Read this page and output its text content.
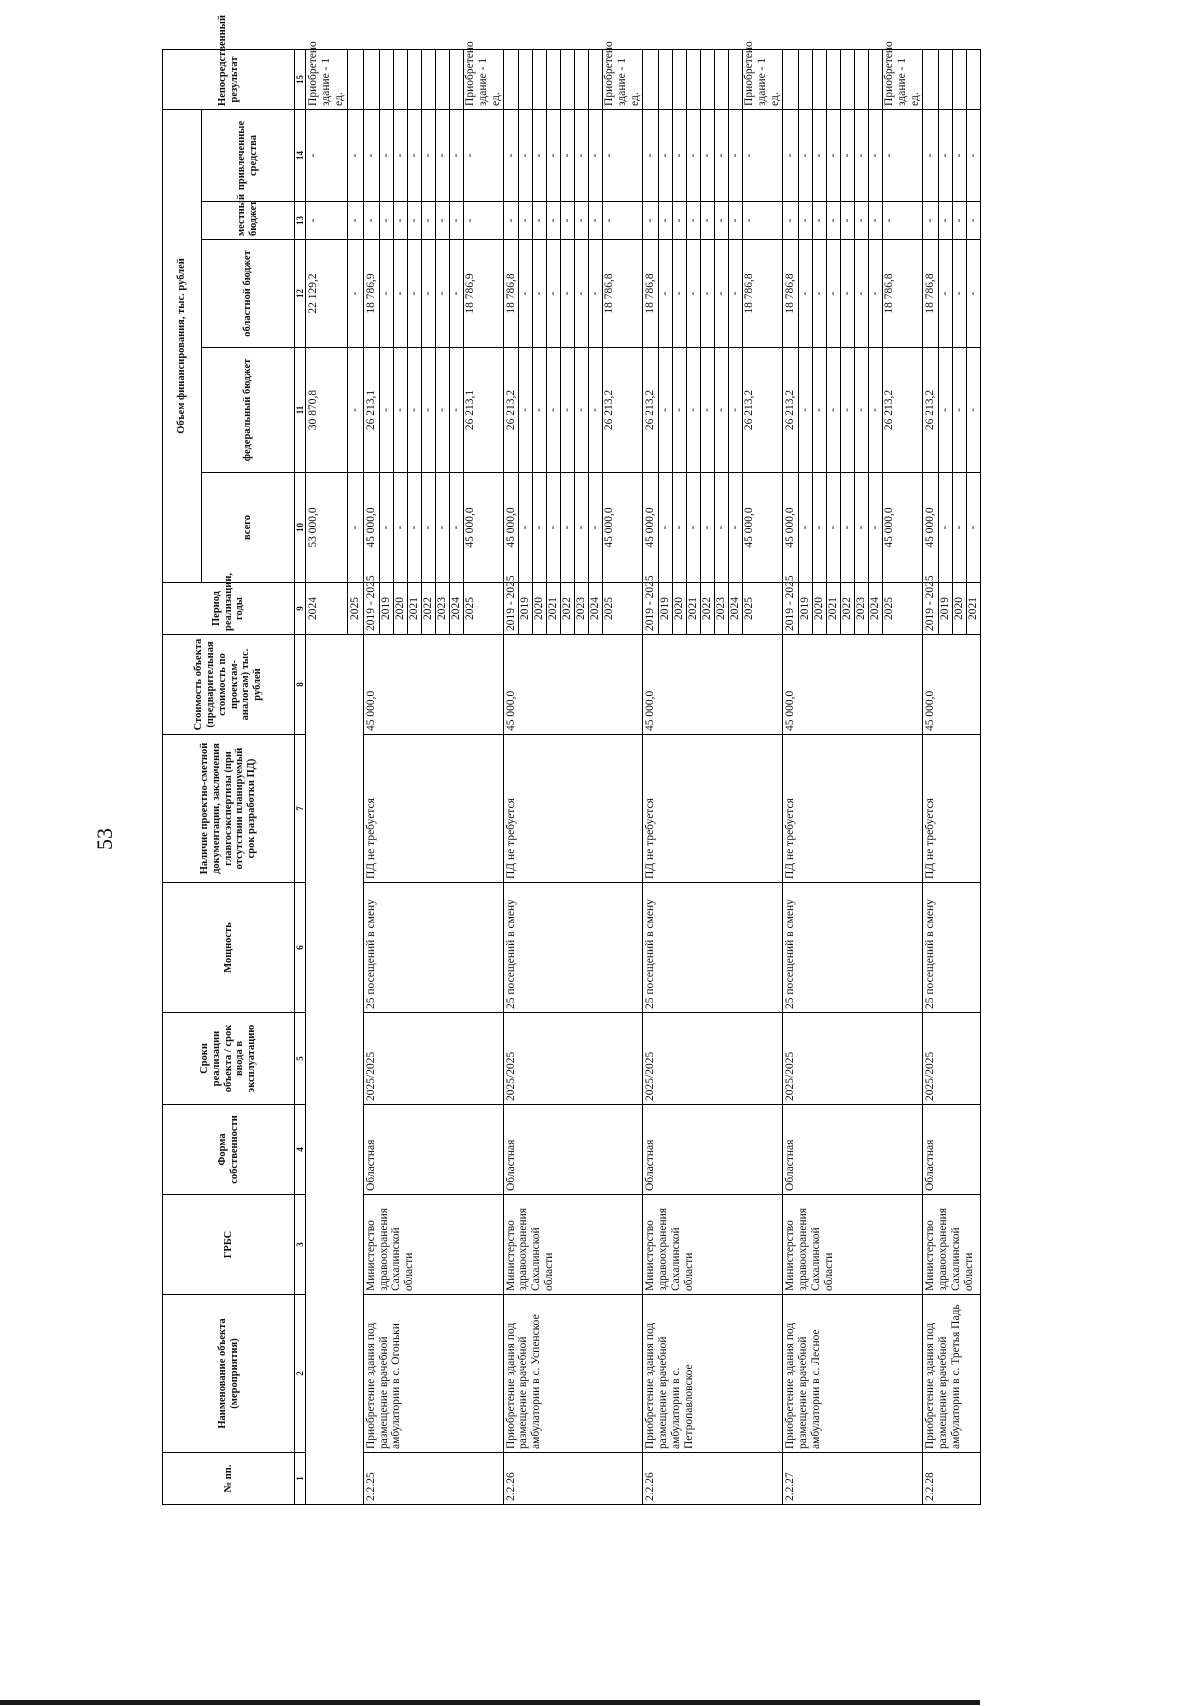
53
№ пп.	Наименование объекта (мероприятия)	ГРБС	Форма собственности	Сроки реализации объекта / срок ввода в эксплуатацию	Мощность	Наличие проектно-сметной документации, заключения главгосэкспертизы (при отсутствии планируемый срок разработки ПД)	Стоимость объекта (предварительная стоимость по проектам-аналогам) тыс. рублей	Период реализации, годы	Объем финансирования, тыс. рублей					Непосредственный результат
									всего	федеральный бюджет	областной бюджет	местный бюджет	привлеченные средства	
1	2	3	4	5	6	7	8	9	10	11	12	13	14	15
								2024	53 000,0	30 870,8	22 129,2	-	-	Приобретено здание - 1 ед.
								2025	-	-	-	-	-	
2.2.25	Приобретение здания под размещение врачебной амбулатории в с. Огоньки	Министерство здравоохранения Сахалинской области	Областная	2025/2025	25 посещений в смену	ПД не требуется	45 000,0	2019 - 2025	45 000,0	26 213,1	18 786,9	-	-	
								2019	-	-	-	-	-	
								2020	-	-	-	-	-	
								2021	-	-	-	-	-	
								2022	-	-	-	-	-	
								2023	-	-	-	-	-	
								2024	-	-	-	-	-	
								2025	45 000,0	26 213,1	18 786,9	-	-	Приобретено здание - 1 ед.
2.2.26	Приобретение здания под размещение врачебной амбулатории в с. Успенское	Министерство здравоохранения Сахалинской области	Областная	2025/2025	25 посещений в смену	ПД не требуется	45 000,0	2019 - 2025	45 000,0	26 213,2	18 786,8	-	-	
								2019	-	-	-	-	-	
								2020	-	-	-	-	-	
								2021	-	-	-	-	-	
								2022	-	-	-	-	-	
								2023	-	-	-	-	-	
								2024	-	-	-	-	-	
								2025	45 000,0	26 213,2	18 786,8	-	-	Приобретено здание - 1 ед.
2.2.26	Приобретение здания под размещение врачебной амбулатории в с. Петропавловское	Министерство здравоохранения Сахалинской области	Областная	2025/2025	25 посещений в смену	ПД не требуется	45 000,0	2019 - 2025	45 000,0	26 213,2	18 786,8	-	-	
								2019	-	-	-	-	-	
								2020	-	-	-	-	-	
								2021	-	-	-	-	-	
								2022	-	-	-	-	-	
								2023	-	-	-	-	-	
								2024	-	-	-	-	-	
								2025	45 000,0	26 213,2	18 786,8	-	-	Приобретено здание - 1 ед.
2.2.27	Приобретение здания под размещение врачебной амбулатории в с. Лесное	Министерство здравоохранения Сахалинской области	Областная	2025/2025	25 посещений в смену	ПД не требуется	45 000,0	2019 - 2025	45 000,0	26 213,2	18 786,8	-	-	
								2019	-	-	-	-	-	
								2020	-	-	-	-	-	
								2021	-	-	-	-	-	
								2022	-	-	-	-	-	
								2023	-	-	-	-	-	
								2024	-	-	-	-	-	
								2025	45 000,0	26 213,2	18 786,8	-	-	Приобретено здание - 1 ед.
2.2.28	Приобретение здания под размещение врачебной амбулатории в с. Третья Падь	Министерство здравоохранения Сахалинской области	Областная	2025/2025	25 посещений в смену	ПД не требуется	45 000,0	2019 - 2025	45 000,0	26 213,2	18 786,8	-	-	
								2019	-	-	-	-	-	
								2020	-	-	-	-	-	
								2021	-	-	-	-	-	
